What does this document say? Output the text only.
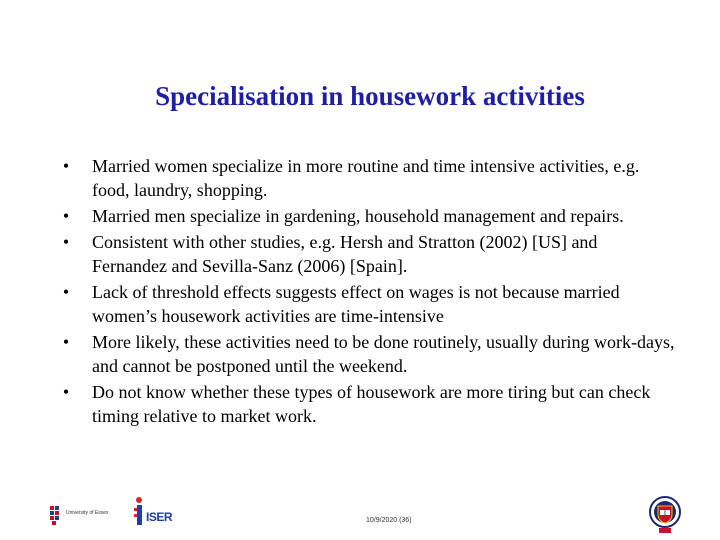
Specialisation in housework activities
•	Married women specialize in more routine and time intensive activities, e.g. food, laundry, shopping.
•	Married men specialize in gardening, household management and repairs.
•	Consistent with other studies, e.g. Hersh and Stratton (2002) [US] and Fernandez and Sevilla-Sanz (2006) [Spain].
•	Lack of threshold effects suggests effect on wages is not because married women’s housework activities are time-intensive
•	More likely, these activities need to be done routinely, usually during work-days, and cannot be postponed until the weekend.
•	Do not know whether these types of housework are more tiring but can check timing relative to market work.
University of Essex	ISER	10/9/2020 (36)
